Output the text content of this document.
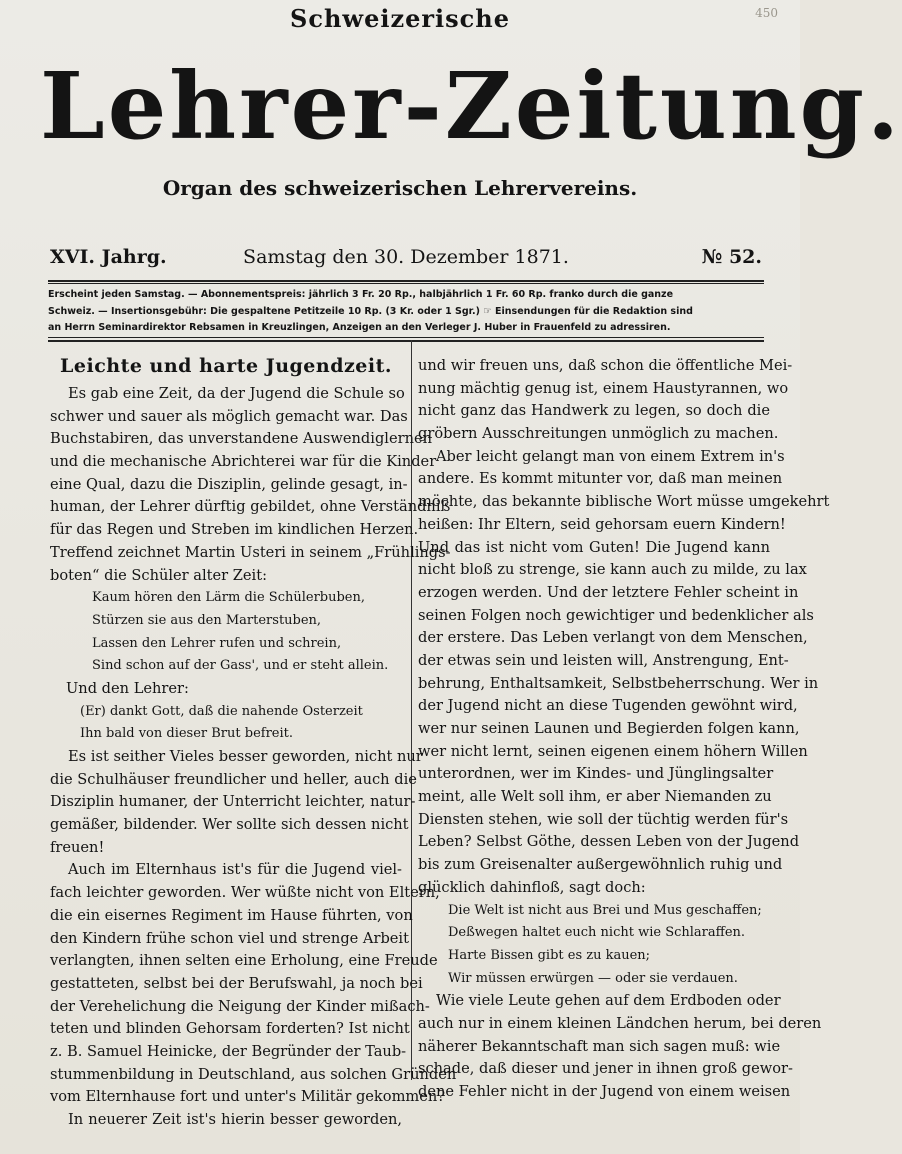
450
Schweizerische
Lehrer-Zeitung.
Organ des schweizerischen Lehrervereins.
Samstag den 30. Dezember 1871.
XVI. Jahrg.	№ 52.
Erscheint jeden Samstag. — Abonnementspreis: jährlich 3 Fr. 20 Rp., halbjährlich 1 Fr. 60 Rp. franko durch die ganze
Schweiz. — Insertionsgebühr: Die gespaltene Petitzeile 10 Rp. (3 Kr. oder 1 Sgr.) ☞ Einsendungen für die Redaktion sind
an Herrn Seminardirektor Rebsamen in Kreuzlingen, Anzeigen an den Verleger J. Huber in Frauenfeld zu adressiren.
Leichte und harte Jugendzeit.
Es gab eine Zeit, da der Jugend die Schule so
schwer und sauer als möglich gemacht war. Das
Buchstabiren, das unverstandene Auswendiglernen
und die mechanische Abrichterei war für die Kinder
eine Qual, dazu die Disziplin, gelinde gesagt, in-
human, der Lehrer dürftig gebildet, ohne Verständniß
für das Regen und Streben im kindlichen Herzen.
Treffend zeichnet Martin Usteri in seinem „Frühlings-
boten“ die Schüler alter Zeit:
Kaum hören den Lärm die Schülerbuben,
Stürzen sie aus den Marterstuben,
Lassen den Lehrer rufen und schrein,
Sind schon auf der Gass', und er steht allein.
Und den Lehrer:
(Er) dankt Gott, daß die nahende Osterzeit
Ihn bald von dieser Brut befreit.
Es ist seither Vieles besser geworden, nicht nur
die Schulhäuser freundlicher und heller, auch die
Disziplin humaner, der Unterricht leichter, natur-
gemäßer, bildender. Wer sollte sich dessen nicht
freuen!
Auch im Elternhaus ist's für die Jugend viel-
fach leichter geworden. Wer wüßte nicht von Eltern,
die ein eisernes Regiment im Hause führten, von
den Kindern frühe schon viel und strenge Arbeit
verlangten, ihnen selten eine Erholung, eine Freude
gestatteten, selbst bei der Berufswahl, ja noch bei
der Verehelichung die Neigung der Kinder mißach-
teten und blinden Gehorsam forderten? Ist nicht
z. B. Samuel Heinicke, der Begründer der Taub-
stummenbildung in Deutschland, aus solchen Gründen
vom Elternhause fort und unter's Militär gekommen?
In neuerer Zeit ist's hierin besser geworden,
und wir freuen uns, daß schon die öffentliche Mei-
nung mächtig genug ist, einem Haustyrannen, wo
nicht ganz das Handwerk zu legen, so doch die
gröbern Ausschreitungen unmöglich zu machen.
Aber leicht gelangt man von einem Extrem in's
andere. Es kommt mitunter vor, daß man meinen
möchte, das bekannte biblische Wort müsse umgekehrt
heißen: Ihr Eltern, seid gehorsam euern Kindern!
Und das ist nicht vom Guten! Die Jugend kann
nicht bloß zu strenge, sie kann auch zu milde, zu lax
erzogen werden. Und der letztere Fehler scheint in
seinen Folgen noch gewichtiger und bedenklicher als
der erstere. Das Leben verlangt von dem Menschen,
der etwas sein und leisten will, Anstrengung, Ent-
behrung, Enthaltsamkeit, Selbstbeherrschung. Wer in
der Jugend nicht an diese Tugenden gewöhnt wird,
wer nur seinen Launen und Begierden folgen kann,
wer nicht lernt, seinen eigenen einem höhern Willen
unterordnen, wer im Kindes- und Jünglingsalter
meint, alle Welt soll ihm, er aber Niemanden zu
Diensten stehen, wie soll der tüchtig werden für's
Leben? Selbst Göthe, dessen Leben von der Jugend
bis zum Greisenalter außergewöhnlich ruhig und
glücklich dahinfloß, sagt doch:
Die Welt ist nicht aus Brei und Mus geschaffen;
Deßwegen haltet euch nicht wie Schlaraffen.
Harte Bissen gibt es zu kauen;
Wir müssen erwürgen — oder sie verdauen.
Wie viele Leute gehen auf dem Erdboden oder
auch nur in einem kleinen Ländchen herum, bei deren
näherer Bekanntschaft man sich sagen muß: wie
schade, daß dieser und jener in ihnen groß gewor-
dene Fehler nicht in der Jugend von einem weisen
